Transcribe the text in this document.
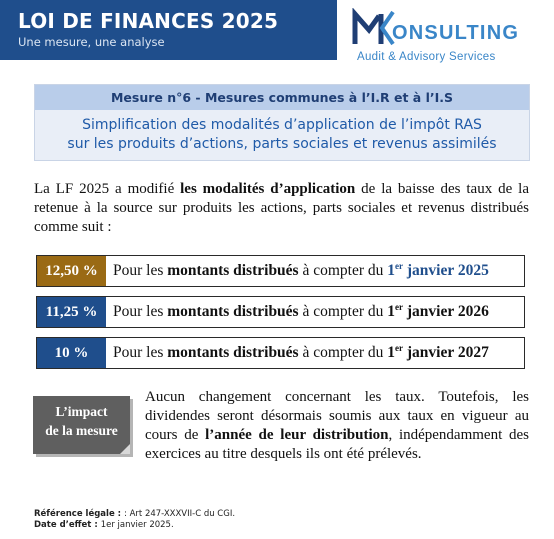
LOI DE FINANCES 2025
Une mesure, une analyse	ONSULTING
Audit & Advisory Services
Mesure n°6 - Mesures communes à l’I.R et à l’I.S
Simplification des modalités d’application de l’impôt RAS
sur les produits d’actions, parts sociales et revenus assimilés
La LF 2025 a modifié les modalités d’application de la baisse des taux de la retenue à la source sur produits les actions, parts sociales et revenus distribués comme suit :
12,50 % Pour les montants distribués à compter du 1er janvier 2025
11,25 %	Pour les montants distribués à compter du 1er janvier 2026
10 %	Pour les montants distribués à compter du 1er janvier 2027
L’impact
de la mesure
Aucun changement concernant les taux. Toutefois, les dividendes seront désormais soumis aux taux en vigueur au cours de l’année de leur distribution, indépendamment des exercices au titre desquels ils ont été prélevés.
Référence légale : : Art 247-XXXVII-C du CGI.
Date d’effet : 1er janvier 2025.
